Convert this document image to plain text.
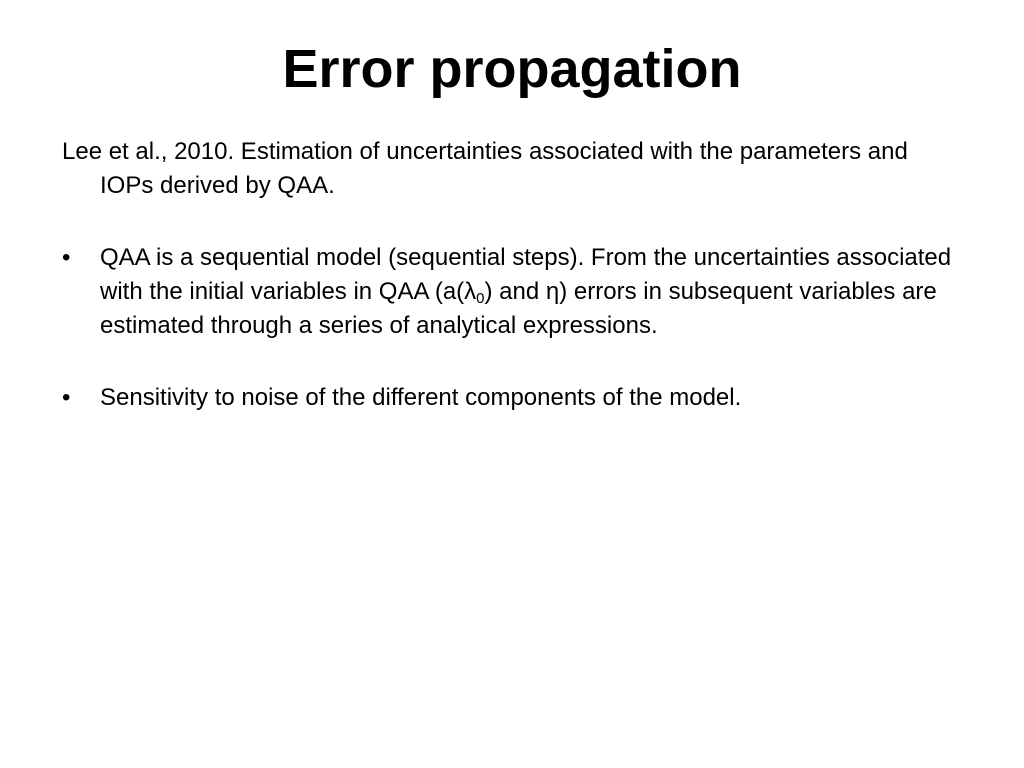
Error propagation

Lee et al., 2010. Estimation of uncertainties associated with the parameters and IOPs derived by QAA.

• QAA is a sequential model (sequential steps). From the uncertainties associated with the initial variables in QAA ($a(\lambda_0)$ and η) errors in subsequent variables are estimated through a series of analytical expressions.
• Sensitivity to noise of the different components of the model.
